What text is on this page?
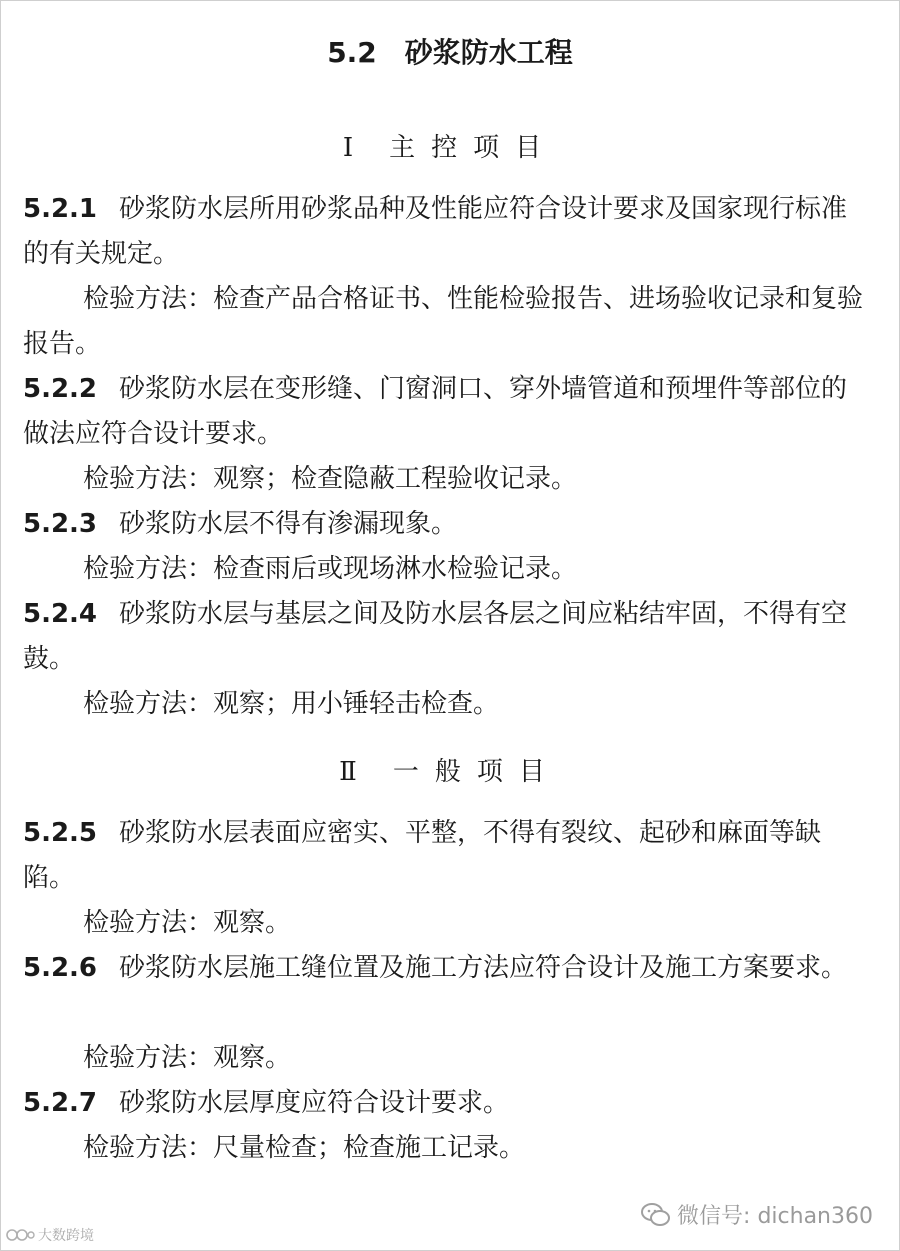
5.2 砂浆防水工程
Ⅰ 主控项目
5.2.1 砂浆防水层所用砂浆品种及性能应符合设计要求及国家现行标准的有关规定。
检验方法：检查产品合格证书、性能检验报告、进场验收记录和复验报告。
5.2.2 砂浆防水层在变形缝、门窗洞口、穿外墙管道和预埋件等部位的做法应符合设计要求。
检验方法：观察；检查隐蔽工程验收记录。
5.2.3 砂浆防水层不得有渗漏现象。
检验方法：检查雨后或现场淋水检验记录。
5.2.4 砂浆防水层与基层之间及防水层各层之间应粘结牢固，不得有空鼓。
检验方法：观察；用小锤轻击检查。
Ⅱ 一般项目
5.2.5 砂浆防水层表面应密实、平整，不得有裂纹、起砂和麻面等缺陷。
检验方法：观察。
5.2.6 砂浆防水层施工缝位置及施工方法应符合设计及施工方案要求。
检验方法：观察。
5.2.7 砂浆防水层厚度应符合设计要求。
检验方法：尺量检查；检查施工记录。
微信号: dichan360
大数跨境
